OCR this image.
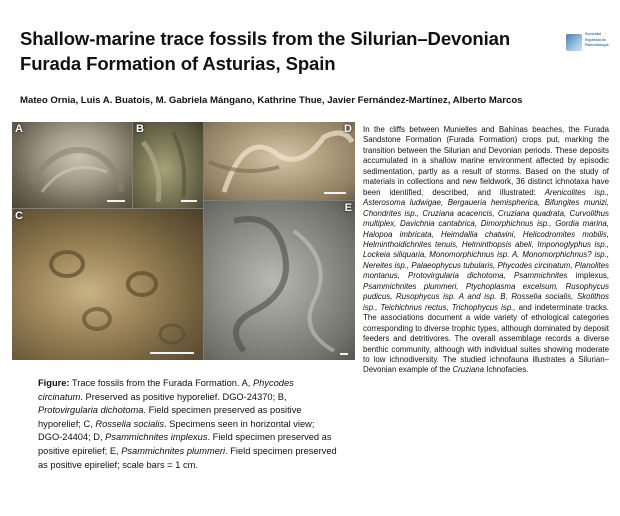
Shallow-marine trace fossils from the Silurian–Devonian Furada Formation of Asturias, Spain
Sociedad Española de Paleontología
Mateo Ornia, Luis A. Buatois, M. Gabriela Mángano, Kathrine Thue, Javier Fernández-Martínez, Alberto Marcos
A	B
C
D
E
Figure: Trace fossils from the Furada Formation. A, Phycodes circinatum. Preserved as positive hyporelief. DGO-24370; B, Protovirgularia dichotoma. Field specimen preserved as positive hyporelief; C, Rosselia socialis. Specimens seen in horizontal view; DGO-24404; D, Psammichnites implexus. Field specimen preserved as positive epirelief; E, Psammichnites plummeri. Field specimen preserved as positive epirelief; scale bars = 1 cm.
In the cliffs between Munielles and Bahínas beaches, the Furada Sandstone Formation (Furada Formation) crops put, marking the transition between the Silurian and Devonian periods. These deposits accumulated in a shallow marine environment affected by episodic sedimentation, partly as a result of storms. Based on the study of materials in collections and new fieldwork, 36 distinct ichnotaxa have been identified, described, and illustrated: Arenicolites isp., Asterosoma ludwigae, Bergaueria hemispherica, Bifungites munizi, Chondrites isp., Cruziana acacencis, Cruziana quadrata, Curvolithus multiplex, Davichnia cantabrica, Dimorphichnus isp., Gordia marina, Halopoa imbricata, Heimdallia chatwini, Helicodromites mobilis, Helminthoidichnites tenuis, Helminthopsis abeli, Imponoglyphus isp., Lockeia siliquaria, Monomorphichnus isp. A, Monomorphichnus? isp., Nereites isp., Palaeophycus tubularis, Phycodes circinatum, Planolites montanus, Protovirgularia dichotoma, Psammichnites implexus, Psammichnites plummeri, Ptychoplasma excelsum, Rusophycus pudicus, Rusophycus isp. A and isp. B, Rosselia socialis, Skolithos isp., Teichichnus rectus, Trichophycus isp., and indeterminate tracks. The associations document a wide variety of ethological categories corresponding to diverse trophic types, although dominated by deposit feeders and detritivores. The overall assemblage records a diverse benthic community, although with individual suites showing moderate to low ichnodiversity. The studied ichnofauna illustrates a Silurian–Devonian example of the Cruziana Ichnofacies.
